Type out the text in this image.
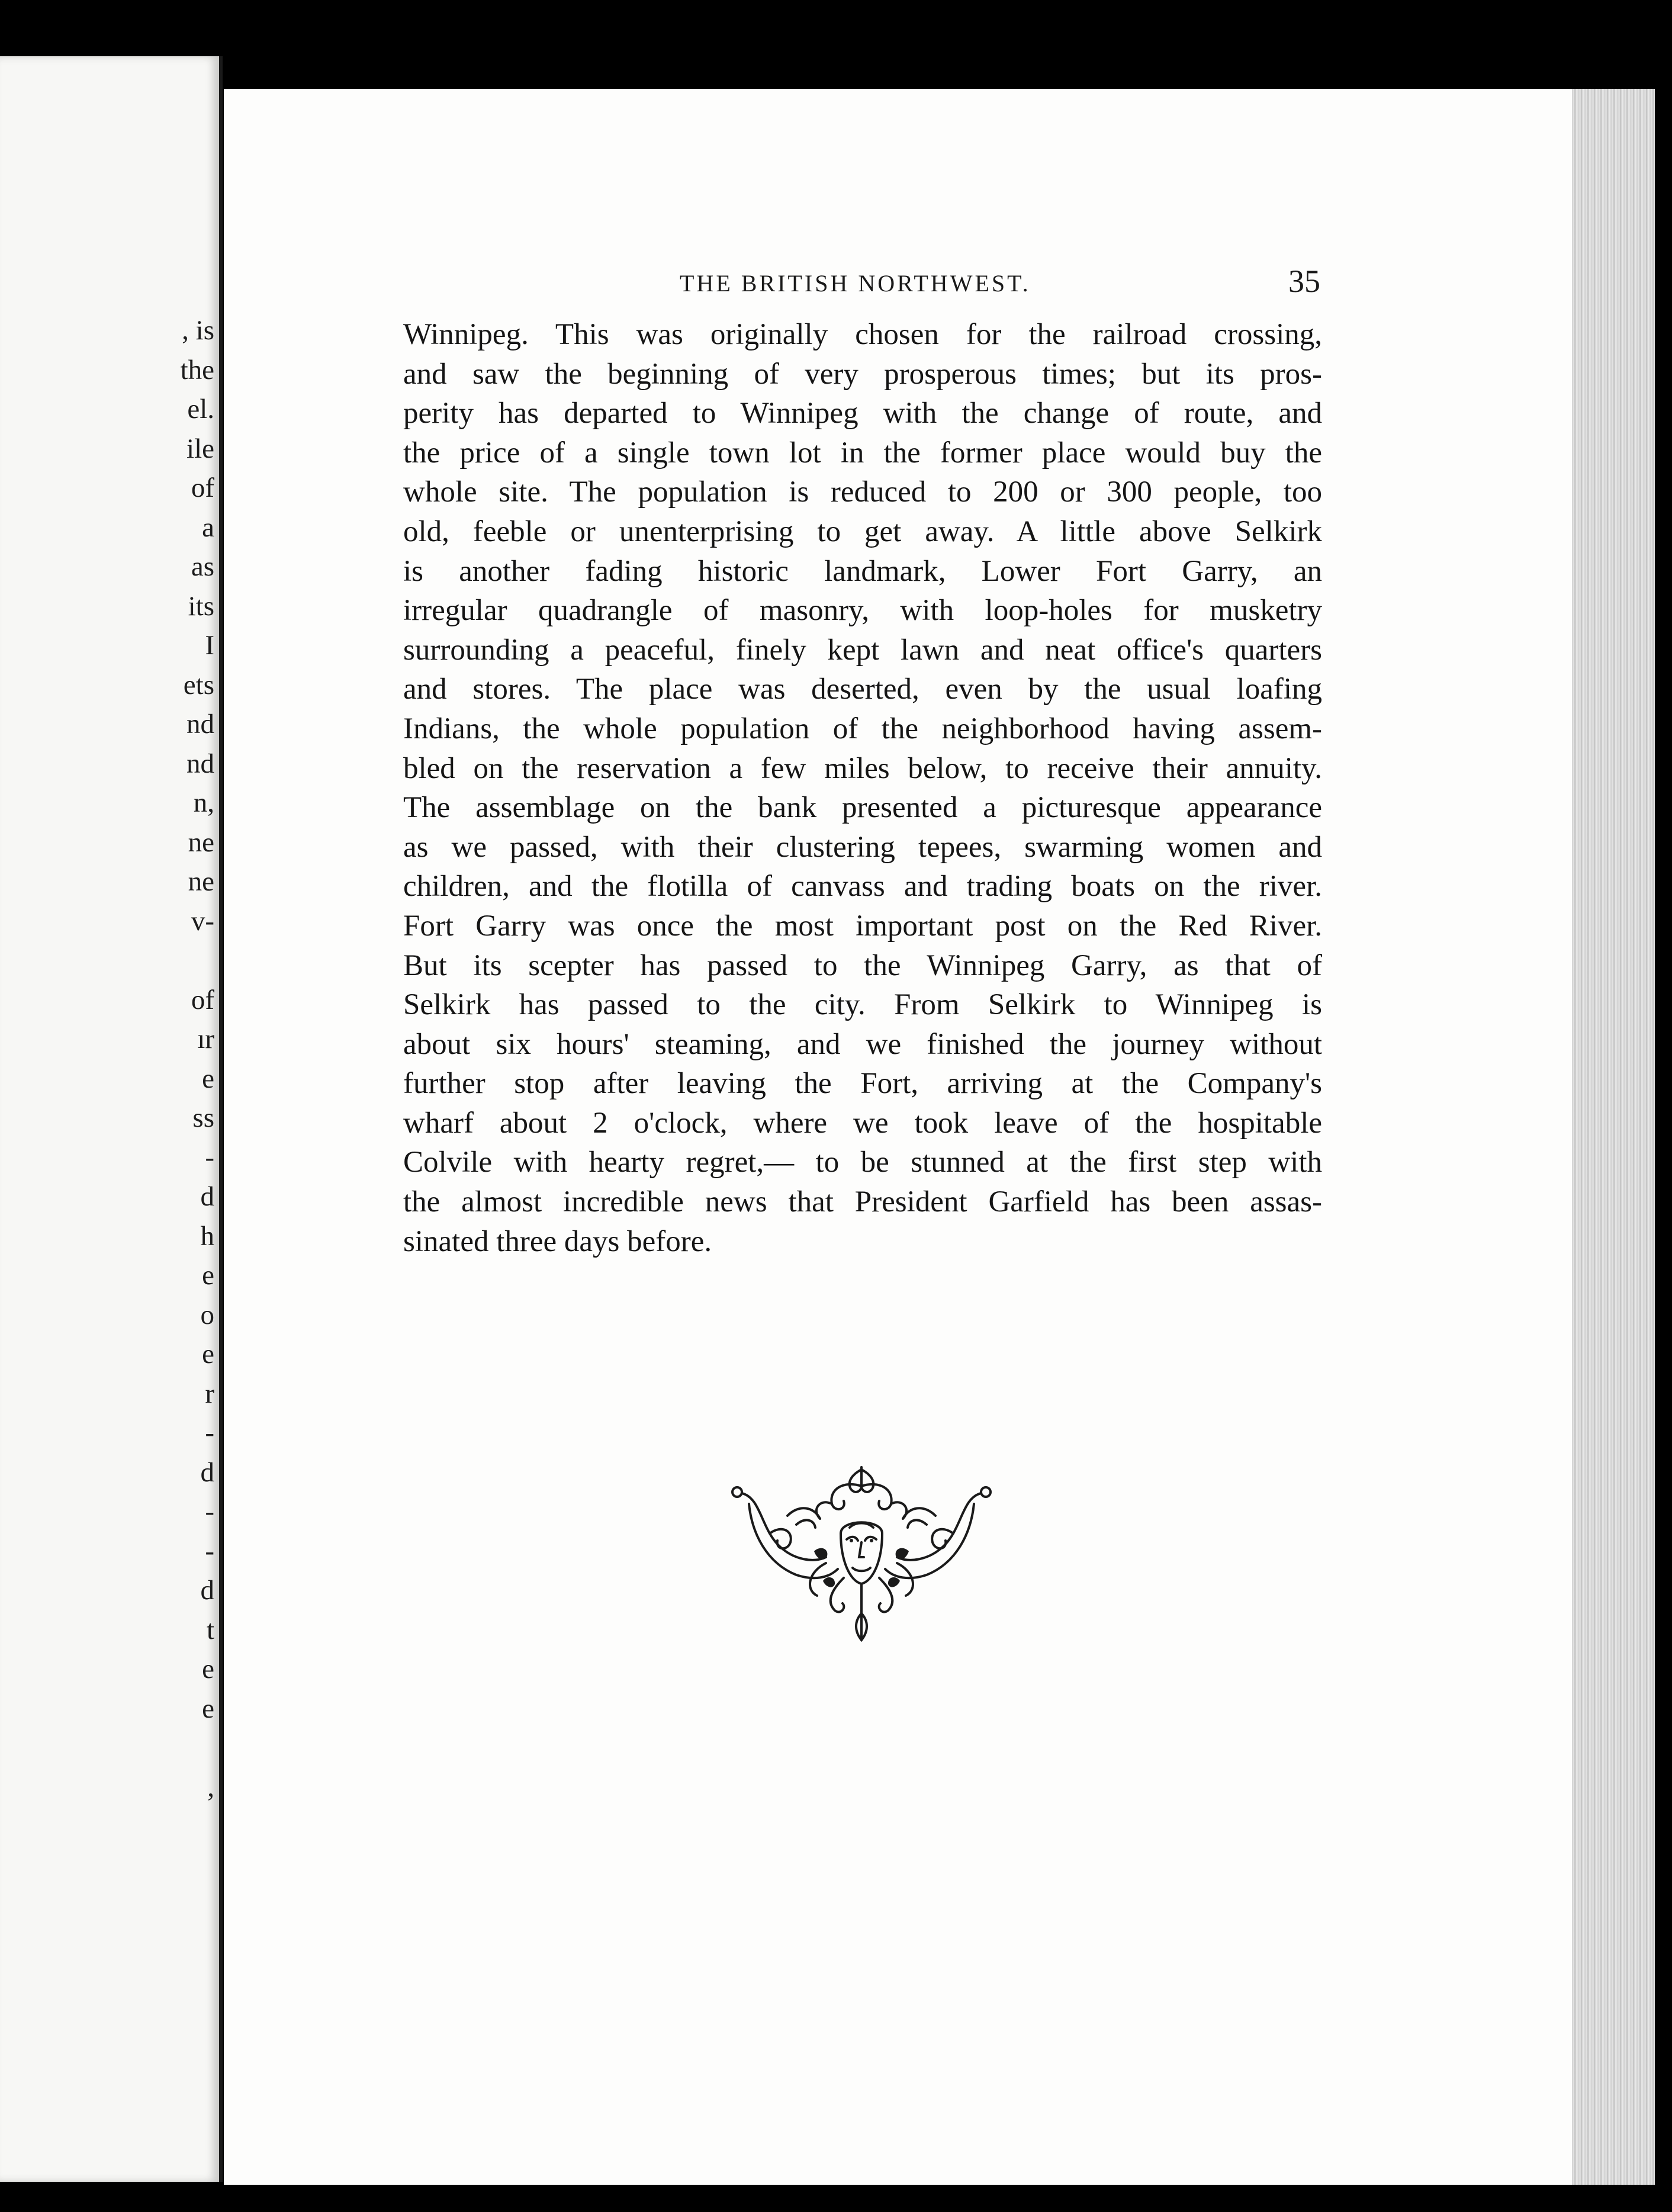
, is
the
el.
ile
of
a
as
its
I
ets
nd
nd
n,
ne
ne
v-
of
ır
e
ss
-
d
h
e
o
e
r
-
d
-
-
d
t
e
e
,
THE BRITISH NORTHWEST.	35
Winnipeg. This was originally chosen for the railroad crossing,
and saw the beginning of very prosperous times; but its pros-
perity has departed to Winnipeg with the change of route, and
the price of a single town lot in the former place would buy the
whole site. The population is reduced to 200 or 300 people, too
old, feeble or unenterprising to get away. A little above Selkirk
is another fading historic landmark, Lower Fort Garry, an
irregular quadrangle of masonry, with loop-holes for musketry
surrounding a peaceful, finely kept lawn and neat office's quarters
and stores. The place was deserted, even by the usual loafing
Indians, the whole population of the neighborhood having assem-
bled on the reservation a few miles below, to receive their annuity.
The assemblage on the bank presented a picturesque appearance
as we passed, with their clustering tepees, swarming women and
children, and the flotilla of canvass and trading boats on the river.
Fort Garry was once the most important post on the Red River.
But its scepter has passed to the Winnipeg Garry, as that of
Selkirk has passed to the city. From Selkirk to Winnipeg is
about six hours' steaming, and we finished the journey without
further stop after leaving the Fort, arriving at the Company's
wharf about 2 o'clock, where we took leave of the hospitable
Colvile with hearty regret,— to be stunned at the first step with
the almost incredible news that President Garfield has been assas-
sinated three days before.
